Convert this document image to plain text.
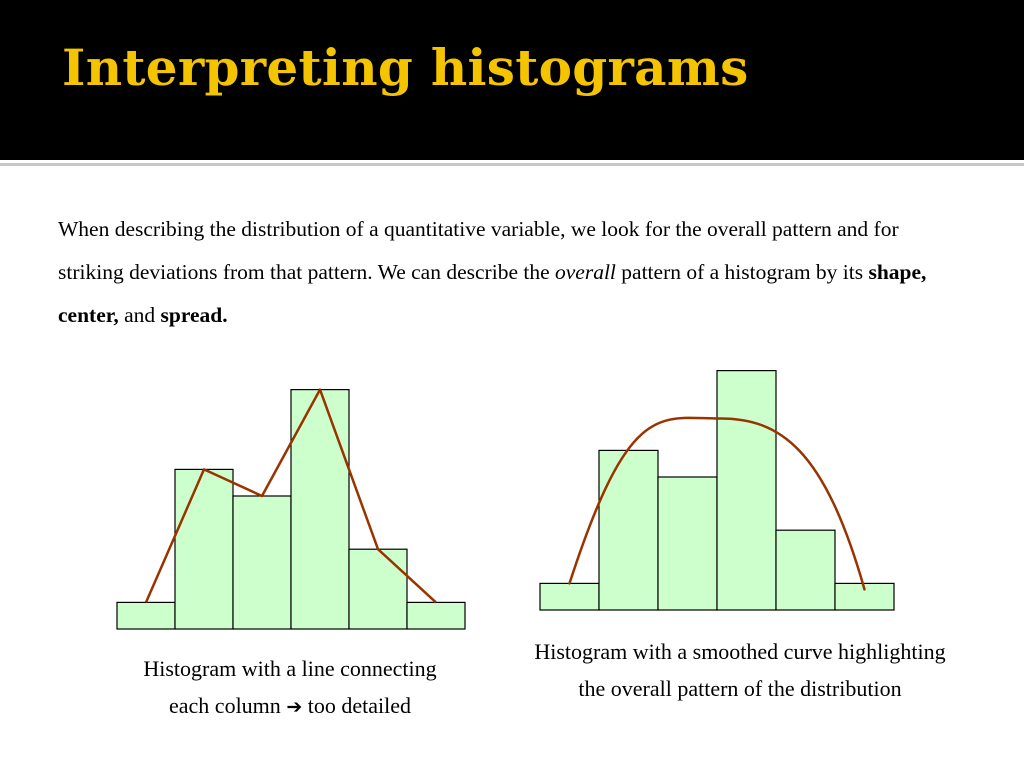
Interpreting histograms
When describing the distribution of a quantitative variable, we look for the overall pattern and for striking deviations from that pattern. We can describe the overall pattern of a histogram by its shape, center, and spread.
Histogram with a line connecting
each column ➔ too detailed
Histogram with a smoothed curve highlighting the overall pattern of the distribution
